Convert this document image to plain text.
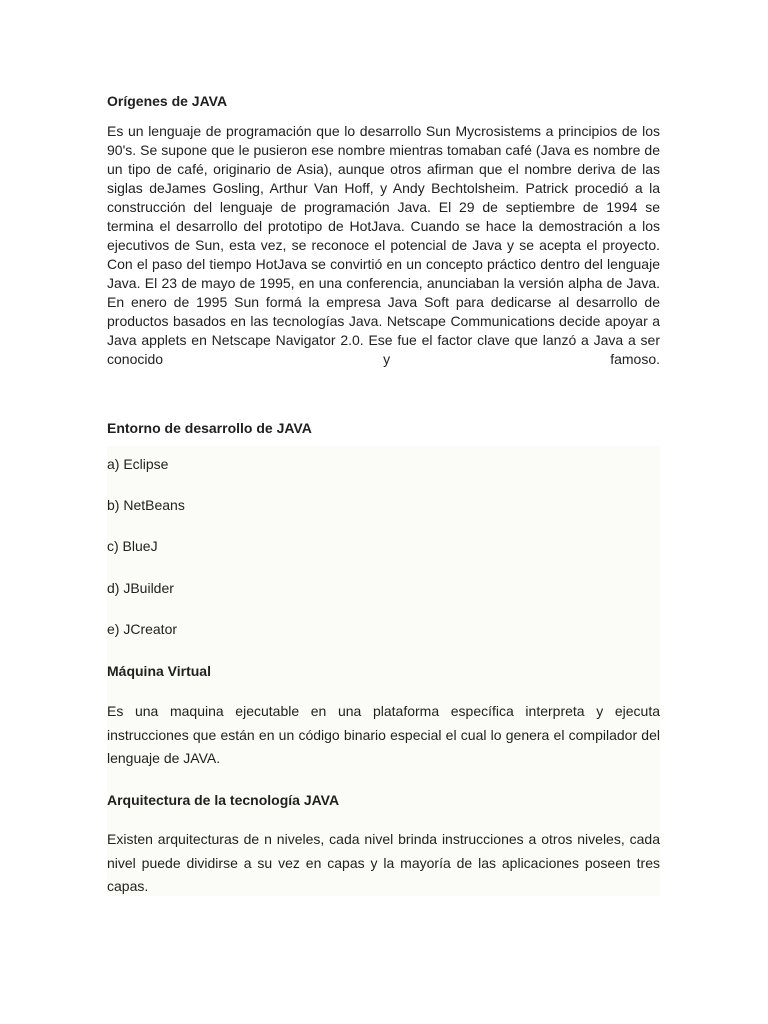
Orígenes de JAVA
Es un lenguaje de programación que lo desarrollo Sun Mycrosistems a principios de los 90's. Se supone que le pusieron ese nombre mientras tomaban café (Java es nombre de un tipo de café, originario de Asia), aunque otros afirman que el nombre deriva de las siglas deJames Gosling, Arthur Van Hoff, y Andy Bechtolsheim. Patrick procedió a la construcción del lenguaje de programación Java. El 29 de septiembre de 1994 se termina el desarrollo del prototipo de HotJava. Cuando se hace la demostración a los ejecutivos de Sun, esta vez, se reconoce el potencial de Java y se acepta el proyecto. Con el paso del tiempo HotJava se convirtió en un concepto práctico dentro del lenguaje Java. El 23 de mayo de 1995, en una conferencia, anunciaban la versión alpha de Java. En enero de 1995 Sun formá la empresa Java Soft para dedicarse al desarrollo de productos basados en las tecnologías Java. Netscape Communications decide apoyar a Java applets en Netscape Navigator 2.0. Ese fue el factor clave que lanzó a Java a ser conocido y famoso.
Entorno de desarrollo de JAVA
a) Eclipse
b) NetBeans
c) BlueJ
d) JBuilder
e) JCreator
Máquina Virtual
Es una maquina ejecutable en una plataforma específica interpreta y ejecuta instrucciones que están en un código binario especial el cual lo genera el compilador del lenguaje de JAVA.
Arquitectura de la tecnología JAVA
Existen arquitecturas de n niveles, cada nivel brinda instrucciones a otros niveles, cada nivel puede dividirse a su vez en capas y la mayoría de las aplicaciones poseen tres capas.
